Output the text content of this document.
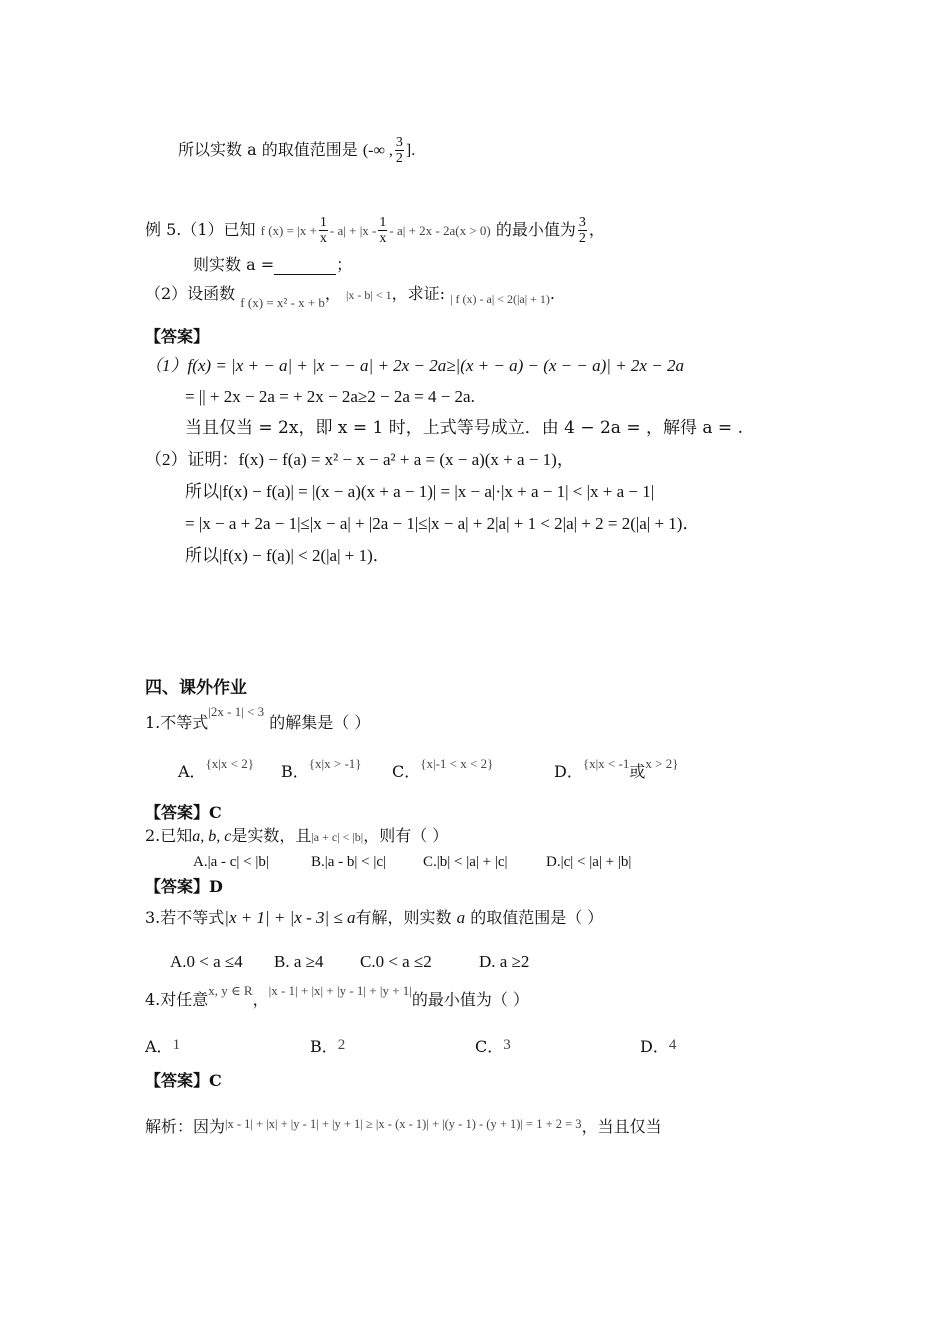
所以实数 a 的取值范围是 (-∞ , $\frac{3}{2}$ ].
例 5.（1）已知 f $(x) = |x + \frac{1}{x} - a| + |x - \frac{1}{x} - a| + 2x - 2a(x > 0)$ 的最小值为 $\frac{3}{2}$ ，
则实数 a =	；
（2）设函数 $_{f (x) = x^2 - x + b}$， |x - b| < 1，求证: $_{| f (x) - a| < 2(|a| + 1)}$.
【答案】
（1）f(x) = |x + − a| + |x − − a| + 2x − 2a≥|(x + − a) − (x − − a)| + 2x − 2a
= || + 2x − 2a = + 2x − 2a≥2 − 2a = 4 − 2a.
当且仅当 = 2x，即 x = 1 时，上式等号成立．由 4 − 2a = ，解得 a = .
（2）证明：f(x) − f(a) = x² − x − a² + a = (x − a)(x + a − 1)，
所以|f(x) − f(a)| = |(x − a)(x + a − 1)| = |x − a|·|x + a − 1| < |x + a − 1|
= |x − a + 2a − 1|≤|x − a| + |2a − 1|≤|x − a| + 2|a| + 1 < 2|a| + 2 = 2(|a| + 1)．
所以|f(x) − f(a)| < 2(|a| + 1)．
四、课外作业
1.不等式$^{|2x - 1| < 3}$ 的解集是（ ）
A．$^{\{x|x < 2\}}$ B．$^{\{x|x > -1\}}$ C．$^{\{x|-1 < x < 2\}}$	D．$^{\{x|x < -1}$或$^{x > 2\}}$
【答案】C
2.已知a, b, c是实数，且|a + c| < |b|，则有（ ）
A.|a - c| < |b|	B.|a - b| < |c| C.|b| < |a| + |c|	D.|c| < |a| + |b|
【答案】D
3.若不等式|x + 1| + |x - 3| ≤ a有解，则实数 a 的取值范围是（ ）
A.0 < a ≤4 B. a ≥4 C.0 < a ≤2	D. a ≥2
4.对任意$^{x, y \in R}$，$^{|x - 1| + |x| + |y - 1| + |y + 1|}$的最小值为（ ）
A．1	B．2	C．3	D．4
【答案】C
解析：因为$^{|x - 1| + |x| + |y - 1| + |y + 1| \ge |x - (x - 1)| + |(y - 1) - (y + 1)| = 1 + 2 = 3}$，当且仅当
